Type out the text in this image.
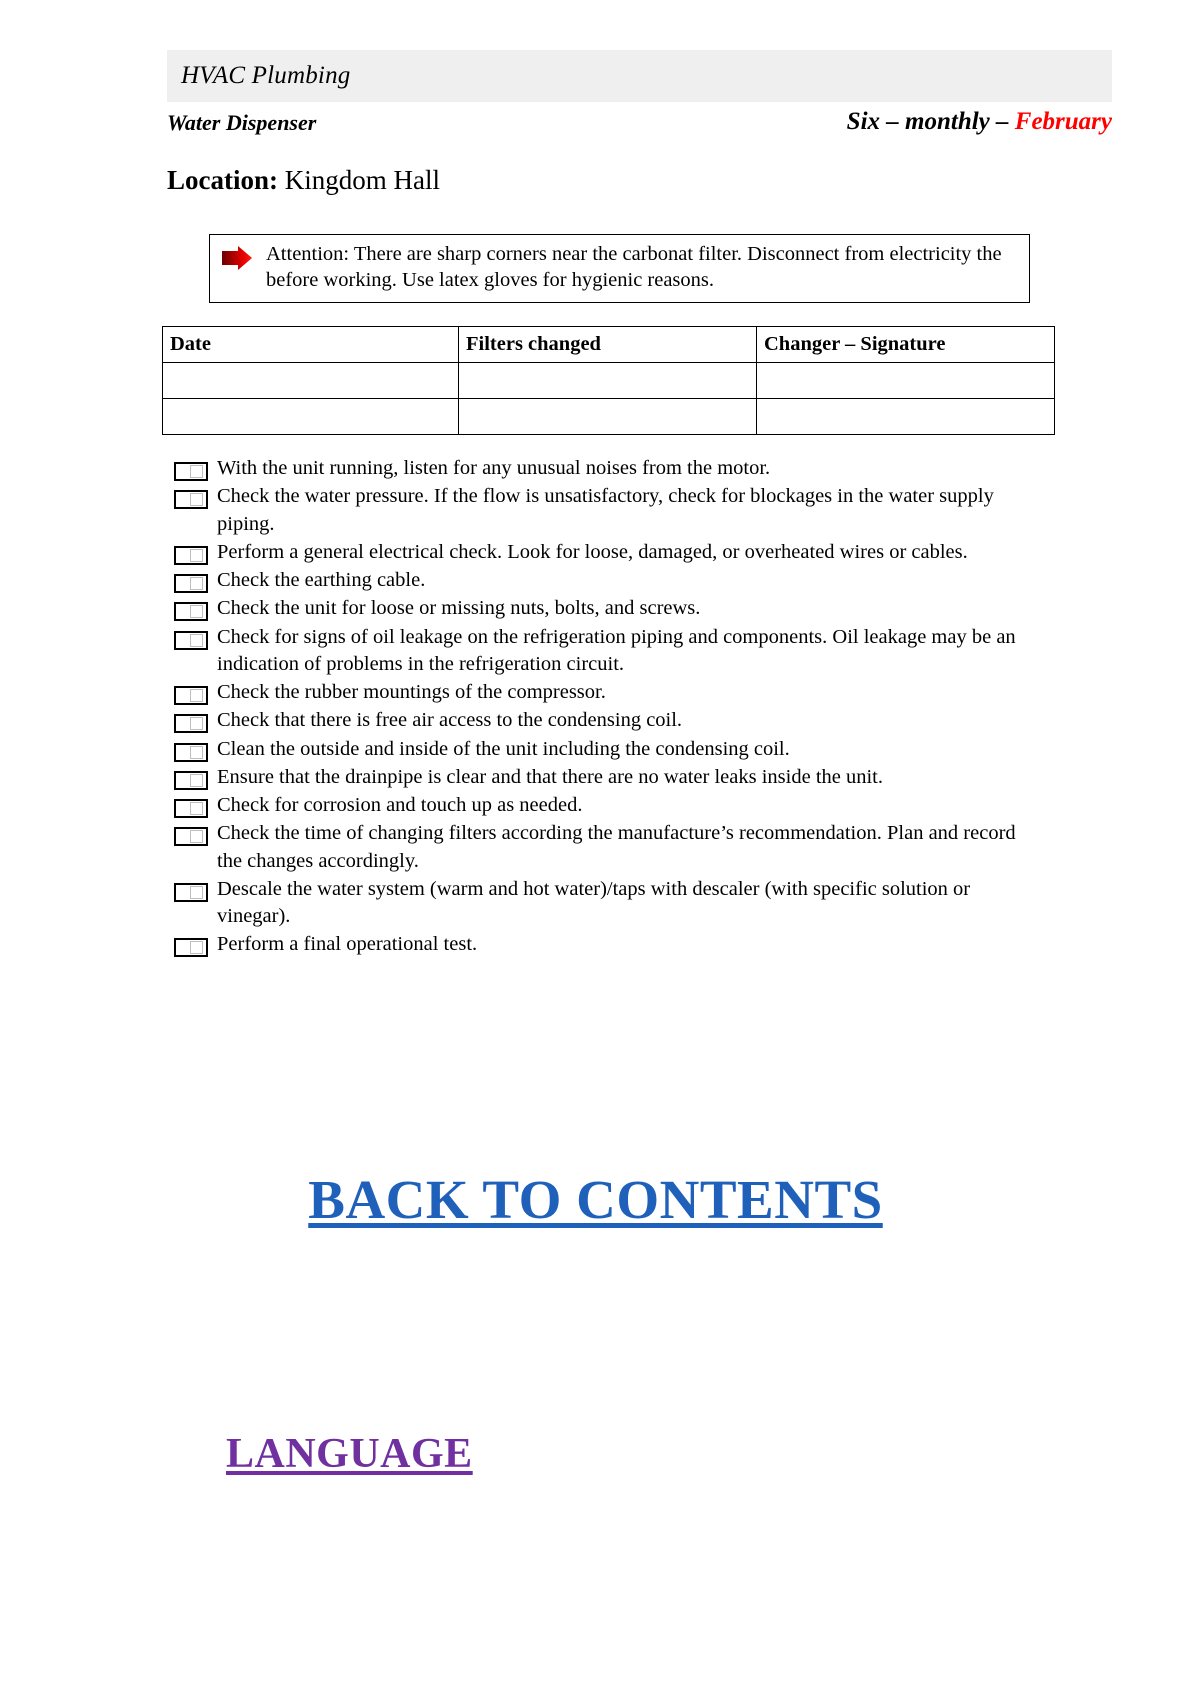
HVAC Plumbing
Water Dispenser	Six – monthly – February
Location: Kingdom Hall
Attention: There are sharp corners near the carbonat filter. Disconnect from electricity the before working. Use latex gloves for hygienic reasons.
Date	Filters changed	Changer – Signature

With the unit running, listen for any unusual noises from the motor.
Check the water pressure. If the flow is unsatisfactory, check for blockages in the water supply piping.
Perform a general electrical check. Look for loose, damaged, or overheated wires or cables.
Check the earthing cable.
Check the unit for loose or missing nuts, bolts, and screws.
Check for signs of oil leakage on the refrigeration piping and components. Oil leakage may be an indication of problems in the refrigeration circuit.
Check the rubber mountings of the compressor.
Check that there is free air access to the condensing coil.
Clean the outside and inside of the unit including the condensing coil.
Ensure that the drainpipe is clear and that there are no water leaks inside the unit.
Check for corrosion and touch up as needed.
Check the time of changing filters according the manufacture’s recommendation. Plan and record the changes accordingly.
Descale the water system (warm and hot water)/taps with descaler (with specific solution or vinegar).
Perform a final operational test.
BACK TO CONTENTS
LANGUAGE
